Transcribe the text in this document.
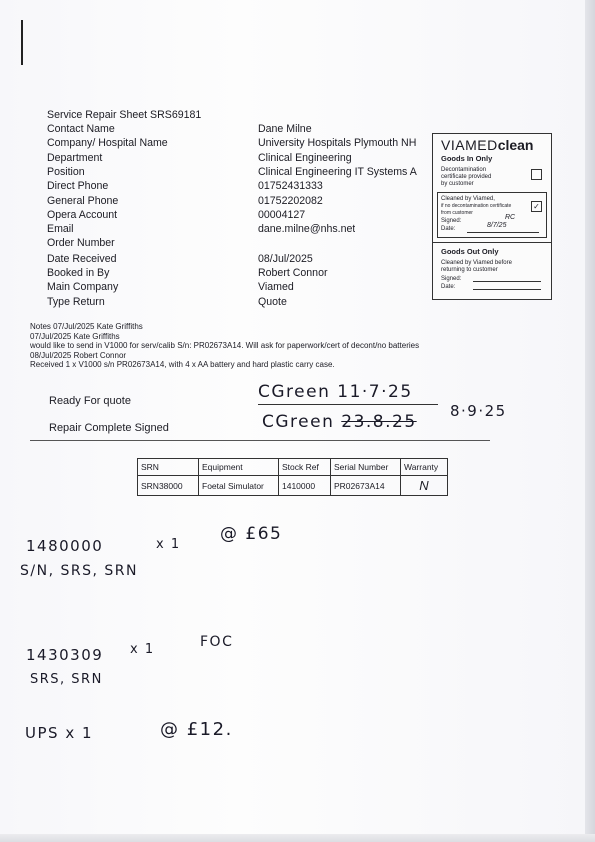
Service Repair Sheet SRS69181
Contact Name	Dane Milne
Company/ Hospital Name	University Hospitals Plymouth NH
Department	Clinical Engineering
Position	Clinical Engineering IT Systems A
Direct Phone	01752431333
General Phone	01752202082
Opera Account	00004127
Email	dane.milne@nhs.net
Order Number
Date Received	08/Jul/2025
Booked in By	Robert Connor
Main Company	Viamed
Type Return	Quote
VIAMEDclean
Goods In Only
Decontamination
certificate provided
by customer
Cleaned by Viamed,
if no decontamination certificate
from customer
✓
Signed:	RC
Date:	8/7/25
Goods Out Only
Cleaned by Viamed before
returning to customer
Signed:
Date:
Notes 07/Jul/2025 Kate Griffiths
07/Jul/2025 Kate Griffiths
would like to send in V1000 for serv/calib S/n: PR02673A14. Will ask for paperwork/cert of decont/no batteries
08/Jul/2025 Robert Connor
Received 1 x V1000 s/n PR02673A14, with 4 x AA battery and hard plastic carry case.
Ready For quote	CGreen 11·7·25
Repair Complete Signed	CGreen 23.8.25
8·9·25
SRN	Equipment	Stock Ref	Serial Number	Warranty
SRN38000	Foetal Simulator	1410000	PR02673A14	N
1480000	x 1
@ £65
S/N, SRS, SRN
1430309 x 1	FOC
SRS, SRN
UPS x 1	@ £12.
